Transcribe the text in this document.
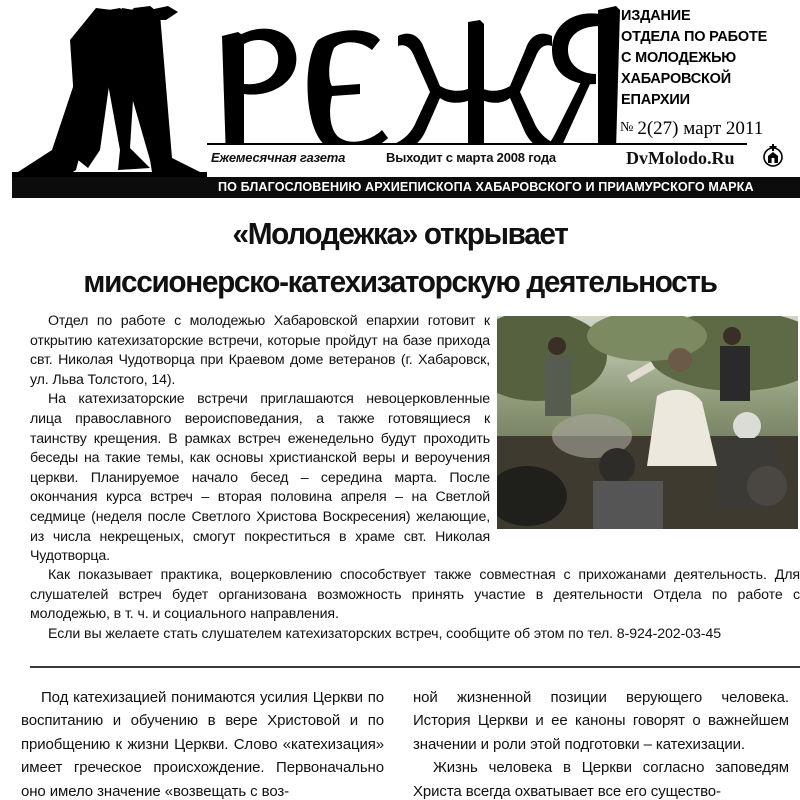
ИЗДАНИЕ
ОТДЕЛА ПО РАБОТЕ
С МОЛОДЕЖЬЮ
ХАБАРОВСКОЙ ЕПАРХИИ
№ 2(27) март 2011
Ежемесячная газета	Выходит с марта 2008 года	DvMolodo.Ru
ПО БЛАГОСЛОВЕНИЮ АРХИЕПИСКОПА ХАБАРОВСКОГО И ПРИАМУРСКОГО МАРКА
«Молодежка» открывает
миссионерско-катехизаторскую деятельность

Отдел по работе с молодежью Хабаровской епархии готовит к открытию катехизаторские встречи, которые пройдут на базе прихода свт. Николая Чудотворца при Краевом доме ветеранов (г. Хабаровск, ул. Льва Толстого, 14).

На катехизаторские встречи приглашаются невоцерковленные лица православного вероисповедания, а также готовящиеся к таинству крещения. В рамках встреч еженедельно будут проходить беседы на такие темы, как основы христианской веры и вероучения церкви. Планируемое начало бесед – середина марта. После окончания курса встреч – вторая половина апреля – на Светлой седмице (неделя после Светлого Христова Воскресения) желающие, из числа некрещеных, смогут покреститься в храме свт. Николая Чудотворца.

Как показывает практика, воцерковлению способствует также совместная с прихожанами деятельность. Для слушателей встреч будет организована возможность принять участие в деятельности Отдела по работе с молодежью, в т. ч. и социального направления.

Если вы желаете стать слушателем катехизаторских встреч, сообщите об этом по тел. 8-924-202-03-45

Под катехизацией понимаются усилия Церкви по воспитанию и обучению в вере Христовой и по приобщению к жизни Церкви. Слово «катехизация» имеет греческое происхождение. Первоначально оно имело значение «возвещать с воз-

ной жизненной позиции верующего человека. История Церкви и ее каноны говорят о важнейшем значении и роли этой подготовки – катехизации.

Жизнь человека в Церкви согласно заповедям Христа всегда охватывает все его существо-
